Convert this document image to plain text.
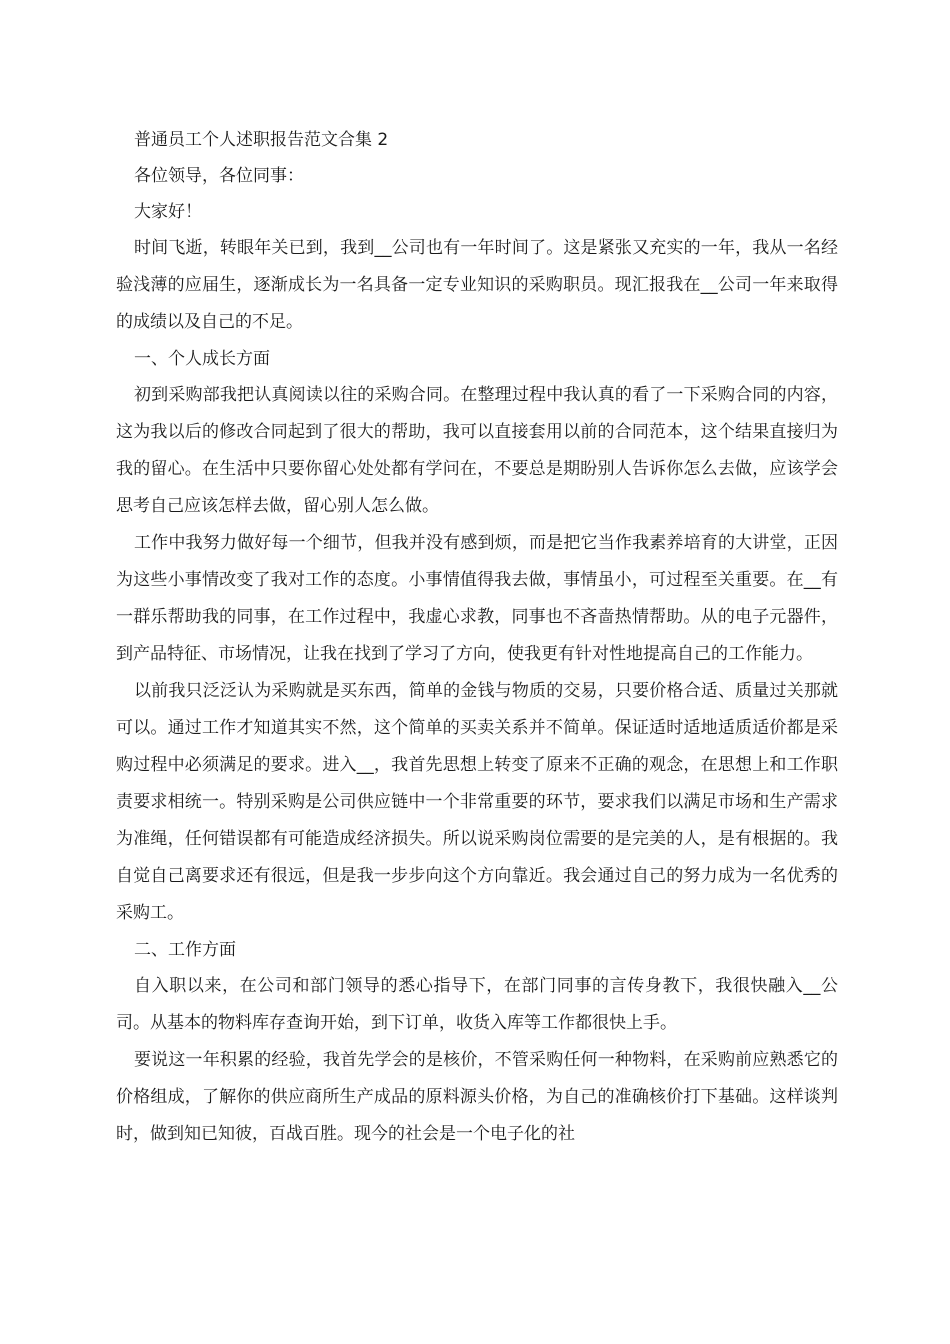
普通员工个人述职报告范文合集 2

各位领导，各位同事：

大家好！

时间飞逝，转眼年关已到，我到__公司也有一年时间了。这是紧张又充实的一年，我从一名经验浅薄的应届生，逐渐成长为一名具备一定专业知识的采购职员。现汇报我在__公司一年来取得的成绩以及自己的不足。

一、个人成长方面

初到采购部我把认真阅读以往的采购合同。在整理过程中我认真的看了一下采购合同的内容，这为我以后的修改合同起到了很大的帮助，我可以直接套用以前的合同范本，这个结果直接归为我的留心。在生活中只要你留心处处都有学问在，不要总是期盼别人告诉你怎么去做，应该学会思考自己应该怎样去做，留心别人怎么做。

工作中我努力做好每一个细节，但我并没有感到烦，而是把它当作我素养培育的大讲堂，正因为这些小事情改变了我对工作的态度。小事情值得我去做，事情虽小，可过程至关重要。在__有一群乐帮助我的同事，在工作过程中，我虚心求教，同事也不吝啬热情帮助。从的电子元器件，到产品特征、市场情况，让我在找到了学习了方向，使我更有针对性地提高自己的工作能力。

以前我只泛泛认为采购就是买东西，简单的金钱与物质的交易，只要价格合适、质量过关那就可以。通过工作才知道其实不然，这个简单的买卖关系并不简单。保证适时适地适质适价都是采购过程中必须满足的要求。进入__，我首先思想上转变了原来不正确的观念，在思想上和工作职责要求相统一。特别采购是公司供应链中一个非常重要的环节，要求我们以满足市场和生产需求为准绳，任何错误都有可能造成经济损失。所以说采购岗位需要的是完美的人，是有根据的。我自觉自己离要求还有很远，但是我一步步向这个方向靠近。我会通过自己的努力成为一名优秀的采购工。

二、工作方面

自入职以来，在公司和部门领导的悉心指导下，在部门同事的言传身教下，我很快融入__公司。从基本的物料库存查询开始，到下订单，收货入库等工作都很快上手。

要说这一年积累的经验，我首先学会的是核价，不管采购任何一种物料，在采购前应熟悉它的价格组成，了解你的供应商所生产成品的原料源头价格，为自己的准确核价打下基础。这样谈判时，做到知已知彼，百战百胜。现今的社会是一个电子化的社
